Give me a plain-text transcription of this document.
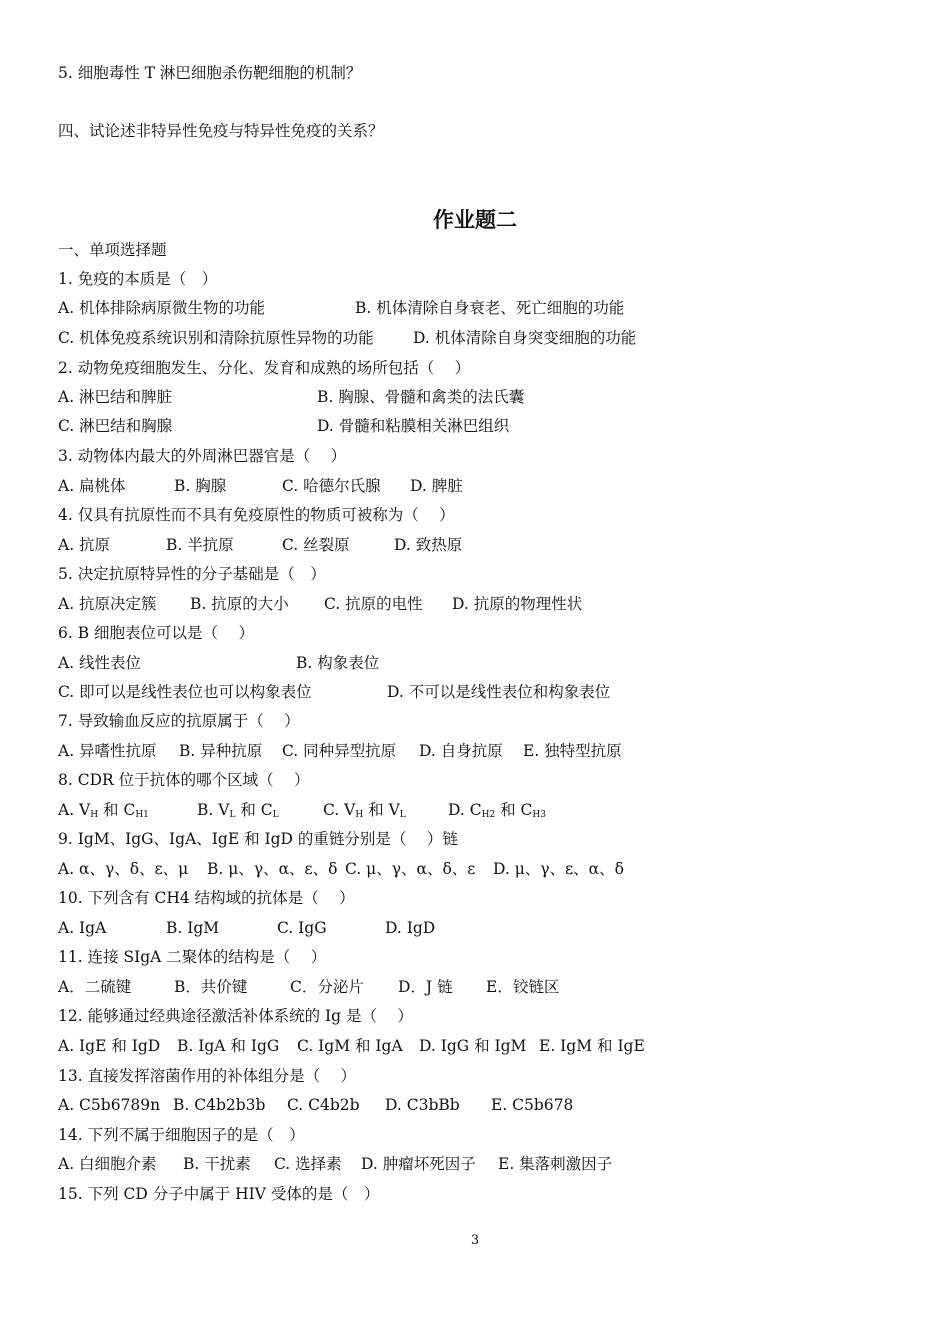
5. 细胞毒性 T 淋巴细胞杀伤靶细胞的机制？
四、试论述非特异性免疫与特异性免疫的关系？
作业题二
一、单项选择题
1. 免疫的本质是（　）
A. 机体排除病原微生物的功能	B. 机体清除自身衰老、死亡细胞的功能
C. 机体免疫系统识别和清除抗原性异物的功能	D. 机体清除自身突变细胞的功能
2. 动物免疫细胞发生、分化、发育和成熟的场所包括（　 ）
A. 淋巴结和脾脏	B. 胸腺、骨髓和禽类的法氏囊
C. 淋巴结和胸腺	D. 骨髓和粘膜相关淋巴组织
3. 动物体内最大的外周淋巴器官是（　 ）
A. 扁桃体	B. 胸腺	C. 哈德尔氏腺 D. 脾脏
4. 仅具有抗原性而不具有免疫原性的物质可被称为（　 ）
A. 抗原	B. 半抗原	C. 丝裂原	D. 致热原
5. 决定抗原特异性的分子基础是（　）
A. 抗原决定簇 B. 抗原的大小 C. 抗原的电性 D. 抗原的物理性状
6. B 细胞表位可以是（　 ）
A. 线性表位	B. 构象表位
C. 即可以是线性表位也可以构象表位	D. 不可以是线性表位和构象表位
7. 导致输血反应的抗原属于（　 ）
A. 异嗜性抗原 B. 异种抗原 C. 同种异型抗原 D. 自身抗原 E. 独特型抗原
8. CDR 位于抗体的哪个区域（　 ）
A. $V_H$ 和 $C_{H1}$	B. $V_L$ 和 $C_L$	C. $V_H$ 和 $V_L$	D. $C_{H2}$ 和 $C_{H3}$
9. IgM、IgG、IgA、IgE 和 IgD 的重链分别是（　 ）链
A. α、γ、δ、ε、μ B. μ、γ、α、ε、δ C. μ、γ、α、δ、ε D. μ、γ、ε、α、δ
10. 下列含有 CH4 结构域的抗体是（　 ）
A. IgA	B. IgM	C. IgG	D. IgD
11. 连接 SIgA 二聚体的结构是（　 ）
A．二硫键	B．共价键	C．分泌片 D．J 链 E．铰链区
12. 能够通过经典途径激活补体系统的 Ig 是（　 ）
A. IgE 和 IgD B. IgA 和 IgG C. IgM 和 IgA D. IgG 和 IgM E. IgM 和 IgE
13. 直接发挥溶菌作用的补体组分是（　 ）
A. C5b6789n B. C4b2b3b C. C4b2b D. C3bBb E. C5b678
14. 下列不属于细胞因子的是（　）
A. 白细胞介素 B. 干扰素 C. 选择素 D. 肿瘤坏死因子 E. 集落刺激因子
15. 下列 CD 分子中属于 HIV 受体的是（　）
3
